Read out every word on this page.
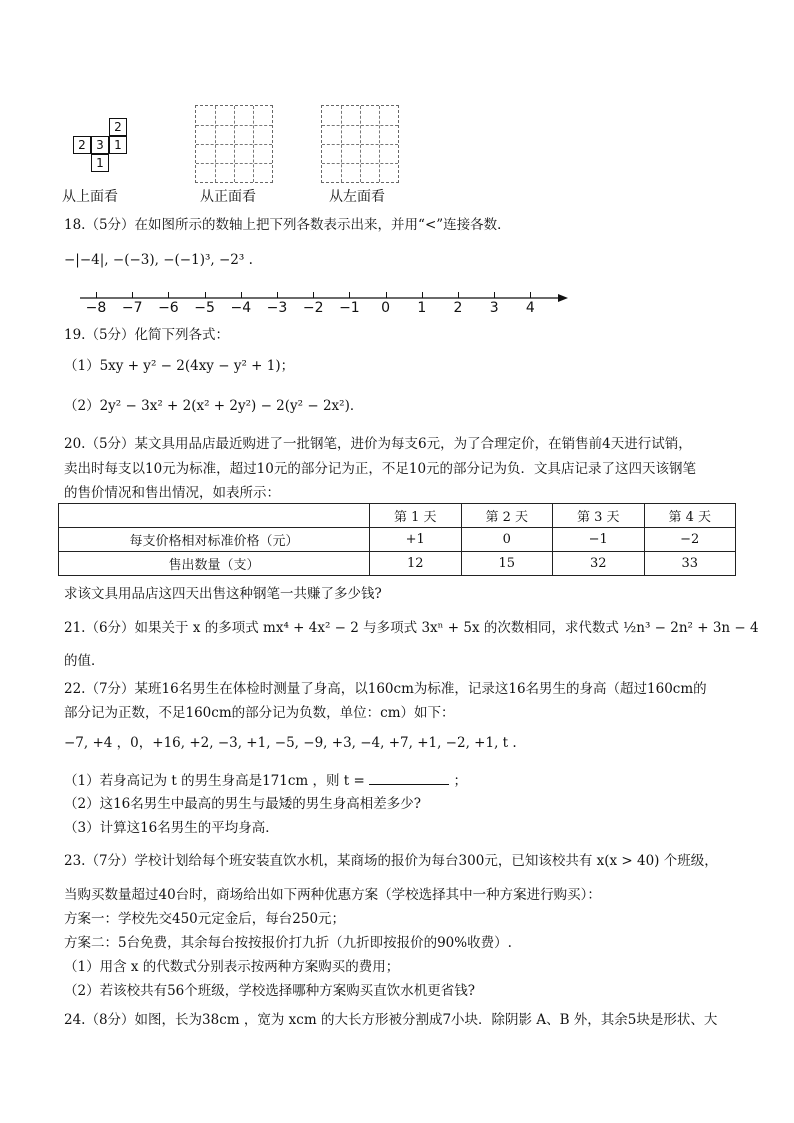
2
2 3 1
1
从上面看	从正面看	从左面看
18.（5分）在如图所示的数轴上把下列各数表示出来，并用“<”连接各数．
−|−4|, −(−3), −(−1)³, −2³ .
−8 −7 −6 −5 −4 −3 −2 −1	0	1	2	3	4
19.（5分）化简下列各式：
（1）5xy + y² − 2(4xy − y² + 1)；
（2）2y² − 3x² + 2(x² + 2y²) − 2(y² − 2x²)．
20.（5分）某文具用品店最近购进了一批钢笔，进价为每支6元，为了合理定价，在销售前4天进行试销，
卖出时每支以10元为标准，超过10元的部分记为正，不足10元的部分记为负．文具店记录了这四天该钢笔
的售价情况和售出情况，如表所示：
	第 1 天	第 2 天	第 3 天	第 4 天
每支价格相对标准价格（元）	+1	0	−1	−2
售出数量（支）	12	15	32	33
求该文具用品店这四天出售这种钢笔一共赚了多少钱?
21.（6分）如果关于 x 的多项式 mx⁴ + 4x² − 2 与多项式 3xⁿ + 5x 的次数相同，求代数式 ½n³ − 2n² + 3n − 4
的值．
22.（7分）某班16名男生在体检时测量了身高，以160cm为标准，记录这16名男生的身高（超过160cm的
部分记为正数，不足160cm的部分记为负数，单位：cm）如下：
−7, +4 ，0，+16, +2, −3, +1, −5, −9, +3, −4, +7, +1, −2, +1, t .
（1）若身高记为 t 的男生身高是171cm ，则 t =	；
（2）这16名男生中最高的男生与最矮的男生身高相差多少?
（3）计算这16名男生的平均身高．
23.（7分）学校计划给每个班安装直饮水机，某商场的报价为每台300元，已知该校共有 x(x > 40) 个班级，
当购买数量超过40台时，商场给出如下两种优惠方案（学校选择其中一种方案进行购买）：
方案一：学校先交450元定金后，每台250元；
方案二：5台免费，其余每台按按报价打九折（九折即按报价的90%收费）.
（1）用含 x 的代数式分别表示按两种方案购买的费用；
（2）若该校共有56个班级，学校选择哪种方案购买直饮水机更省钱?
24.（8分）如图，长为38cm ，宽为 xcm 的大长方形被分割成7小块．除阴影 A、B 外，其余5块是形状、大
